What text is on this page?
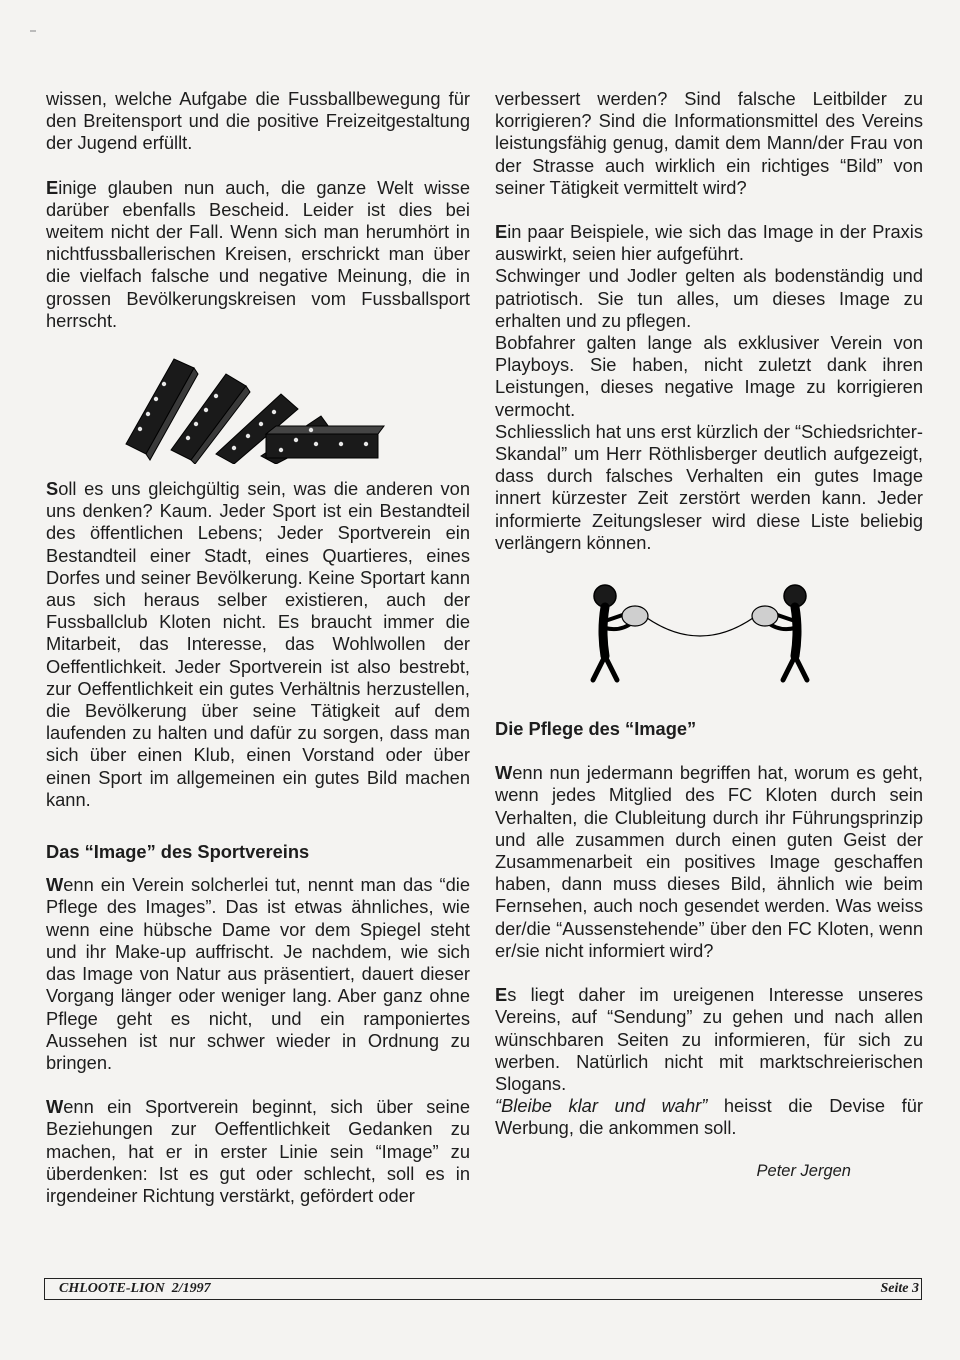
wissen, welche Aufgabe die Fussballbewegung für den Breitensport und die positive Freizeitgestaltung der Jugend erfüllt.

Einige glauben nun auch, die ganze Welt wisse darüber ebenfalls Bescheid. Leider ist dies bei weitem nicht der Fall. Wenn sich man herumhört in nichtfussballerischen Kreisen, erschrickt man über die vielfach falsche und negative Meinung, die in grossen Bevölkerungskreisen vom Fussballsport herrscht.

Soll es uns gleichgültig sein, was die anderen von uns denken? Kaum. Jeder Sport ist ein Bestandteil des öffentlichen Lebens; Jeder Sportverein ein Bestandteil einer Stadt, eines Quartieres, eines Dorfes und seiner Bevölkerung. Keine Sportart kann aus sich heraus selber existieren, auch der Fussballclub Kloten nicht. Es braucht immer die Mitarbeit, das Interesse, das Wohlwollen der Oeffentlichkeit. Jeder Sportverein ist also bestrebt, zur Oeffentlichkeit ein gutes Verhältnis herzustellen, die Bevölkerung über seine Tätigkeit auf dem laufenden zu halten und dafür zu sorgen, dass man sich über einen Klub, einen Vorstand oder über einen Sport im allgemeinen ein gutes Bild machen kann.

Das “Image” des Sportvereins

Wenn ein Verein solcherlei tut, nennt man das “die Pflege des Images”. Das ist etwas ähnliches, wie wenn eine hübsche Dame vor dem Spiegel steht und ihr Make-up auffrischt. Je nachdem, wie sich das Image von Natur aus präsentiert, dauert dieser Vorgang länger oder weniger lang. Aber ganz ohne Pflege geht es nicht, und ein ramponiertes Aussehen ist nur schwer wieder in Ordnung zu bringen.

Wenn ein Sportverein beginnt, sich über seine Beziehungen zur Oeffentlichkeit Gedanken zu machen, hat er in erster Linie sein “Image” zu überdenken: Ist es gut oder schlecht, soll es in irgendeiner Richtung verstärkt, gefördert oder

verbessert werden? Sind falsche Leitbilder zu korrigieren? Sind die Informationsmittel des Vereins leistungsfähig genug, damit dem Mann/der Frau von der Strasse auch wirklich ein richtiges “Bild” von seiner Tätigkeit vermittelt wird?

Ein paar Beispiele, wie sich das Image in der Praxis auswirkt, seien hier aufgeführt.

Schwinger und Jodler gelten als bodenständig und patriotisch. Sie tun alles, um dieses Image zu erhalten und zu pflegen.

Bobfahrer galten lange als exklusiver Verein von Playboys. Sie haben, nicht zuletzt dank ihren Leistungen, dieses negative Image zu korrigieren vermocht.

Schliesslich hat uns erst kürzlich der “Schiedsrichter-Skandal” um Herr Röthlisberger deutlich aufgezeigt, dass durch falsches Verhalten ein gutes Image innert kürzester Zeit zerstört werden kann. Jeder informierte Zeitungsleser wird diese Liste beliebig verlängern können.

Die Pflege des “Image”

Wenn nun jedermann begriffen hat, worum es geht, wenn jedes Mitglied des FC Kloten durch sein Verhalten, die Clubleitung durch ihr Führungsprinzip und alle zusammen durch einen guten Geist der Zusammenarbeit ein positives Image geschaffen haben, dann muss dieses Bild, ähnlich wie beim Fernsehen, auch noch gesendet werden. Was weiss der/die “Aussenstehende” über den FC Kloten, wenn er/sie nicht informiert wird?

Es liegt daher im ureigenen Interesse unseres Vereins, auf “Sendung” zu gehen und nach allen wünschbaren Seiten zu informieren, für sich zu werben. Natürlich nicht mit marktschreierischen Slogans.

“Bleibe klar und wahr” heisst die Devise für Werbung, die ankommen soll.

Peter Jergen

CHLOOTE-LION  2/1997	Seite 3
